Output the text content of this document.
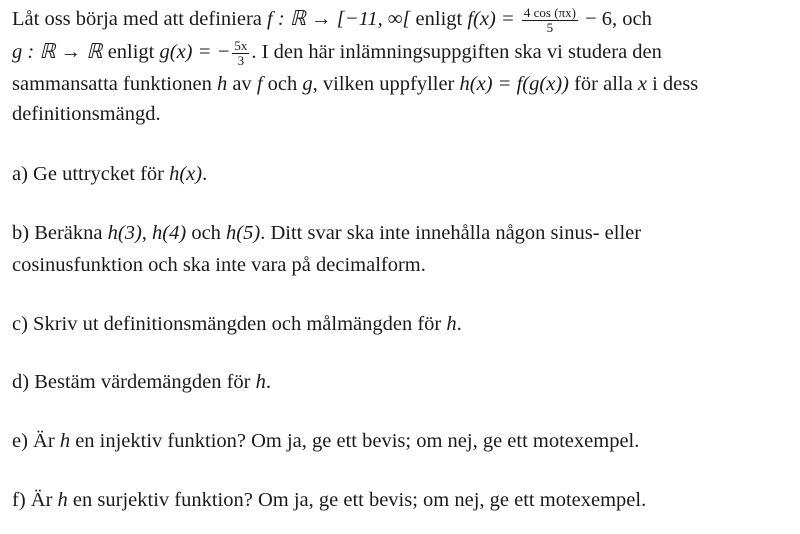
Låt oss börja med att definiera f : ℝ → [−11, ∞[ enligt $f(x) = \frac{4 \cos (\pi x)}{5} - 6$, och
g : ℝ → ℝ enligt g(x) = − $\frac{5x}{3}$ . I den här inlämningsuppgiften ska vi studera den
sammansatta funktionen h av f och g, vilken uppfyller h(x) = f(g(x)) för alla x i dess
definitionsmängd.
a) Ge uttrycket för h(x).
b) Beräkna h(3), h(4) och h(5). Ditt svar ska inte innehålla någon sinus- eller
cosinusfunktion och ska inte vara på decimalform.
c) Skriv ut definitionsmängden och målmängden för h.
d) Bestäm värdemängden för h.
e) Är h en injektiv funktion? Om ja, ge ett bevis; om nej, ge ett motexempel.
f) Är h en surjektiv funktion? Om ja, ge ett bevis; om nej, ge ett motexempel.
